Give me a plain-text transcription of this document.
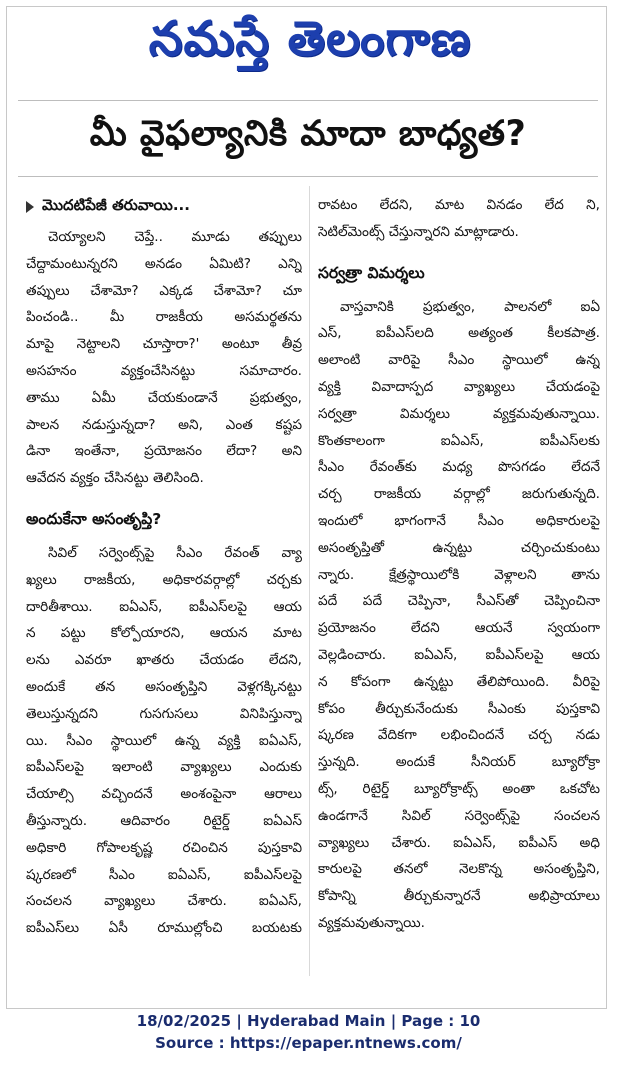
నమస్తే తెలంగాణ
మీ వైఫల్యానికి మాదా బాధ్యత?
మొదటిపేజీ తరువాయి...
చెయ్యాలని చెప్తే.. మూడు తప్పులు
చేద్దామంటున్నరని అనడం ఏమిటి? ఎన్ని
తప్పులు చేశామో? ఎక్కడ చేశామో? చూ
పించండి.. మీ రాజకీయ అసమర్థతను
మాపై నెట్టాలని చూస్తారా?' అంటూ తీవ్ర
అసహనం వ్యక్తంచేసినట్టు సమాచారం.
తాము ఏమీ చేయకుండానే ప్రభుత్వం,
పాలన నడుస్తున్నదా? అని, ఎంత కష్టప
డినా ఇంతేనా, ప్రయోజనం లేదా? అని
ఆవేదన వ్యక్తం చేసినట్టు తెలిసింది.
అందుకేనా అసంతృప్తి?
సివిల్ సర్వెంట్స్‌పై సీఎం రేవంత్ వ్యా
ఖ్యలు రాజకీయ, అధికారవర్గాల్లో చర్చకు
దారితీశాయి. ఐఏఎస్, ఐపీఎస్‌లపై ఆయ
న పట్టు కోల్పోయారని, ఆయన మాట
లను ఎవరూ ఖాతరు చేయడం లేదని,
అందుకే తన అసంతృప్తిని వెళ్లగక్కినట్టు
తెలుస్తున్నదని గుసగుసలు వినిపిస్తున్నా
యి. సీఎం స్థాయిలో ఉన్న వ్యక్తి ఐఏఎస్,
ఐపీఎస్‌లపై ఇలాంటి వ్యాఖ్యలు ఎందుకు
చేయాల్సి వచ్చిందనే అంశంపైనా ఆరాలు
తీస్తున్నారు. ఆదివారం రిటైర్డ్ ఐఏఎస్
అధికారి గోపాలకృష్ణ రచించిన పుస్తకావి
ష్కరణలో సీఎం ఐఏఎస్, ఐపీఎస్‌లపై
సంచలన వ్యాఖ్యలు చేశారు. ఐఏఎస్,
ఐపీఎస్‌లు ఏసీ రూముల్లోంచి బయటకు
రావటం లేదని, మాట వినడం లేద ని,
సెటిల్‌మెంట్స్ చేస్తున్నారని మాట్లాడారు.
సర్వత్రా విమర్శలు
వాస్తవానికి ప్రభుత్వం, పాలనలో ఐఏ
ఎస్, ఐపీఎస్‌లది అత్యంత కీలకపాత్ర.
అలాంటి వారిపై సీఎం స్థాయిలో ఉన్న
వ్యక్తి వివాదాస్పద వ్యాఖ్యలు చేయడంపై
సర్వత్రా విమర్శలు వ్యక్తమవుతున్నాయి.
కొంతకాలంగా ఐఏఎస్, ఐపీఎస్‌లకు
సీఎం రేవంత్‌కు మధ్య పొసగడం లేదనే
చర్చ రాజకీయ వర్గాల్లో జరుగుతున్నది.
ఇందులో భాగంగానే సీఎం అధికారులపై
అసంతృప్తితో ఉన్నట్టు చర్చించుకుంటు
న్నారు. క్షేత్రస్థాయిలోకి వెళ్లాలని తాను
పదే పదే చెప్పినా, సీఎస్‌తో చెప్పించినా
ప్రయోజనం లేదని ఆయనే స్వయంగా
వెల్లడించారు. ఐఏఎస్, ఐపీఎస్‌లపై ఆయ
న కోపంగా ఉన్నట్టు తేలిపోయింది. వీరిపై
కోపం తీర్చుకునేందుకు సీఎంకు పుస్తకావి
ష్కరణ వేదికగా లభించిందనే చర్చ నడు
స్తున్నది. అందుకే సీనియర్ బ్యూరోక్రా
ట్స్, రిటైర్డ్ బ్యూరోక్రాట్స్ అంతా ఒకచోట
ఉండగానే సివిల్ సర్వెంట్స్‌పై సంచలన
వ్యాఖ్యలు చేశారు. ఐఏఎస్, ఐపీఎస్ అధి
కారులపై తనలో నెలకొన్న అసంతృప్తిని,
కోపాన్ని తీర్చుకున్నారనే అభిప్రాయాలు
వ్యక్తమవుతున్నాయి.
18/02/2025 | Hyderabad Main | Page : 10
Source : https://epaper.ntnews.com/
